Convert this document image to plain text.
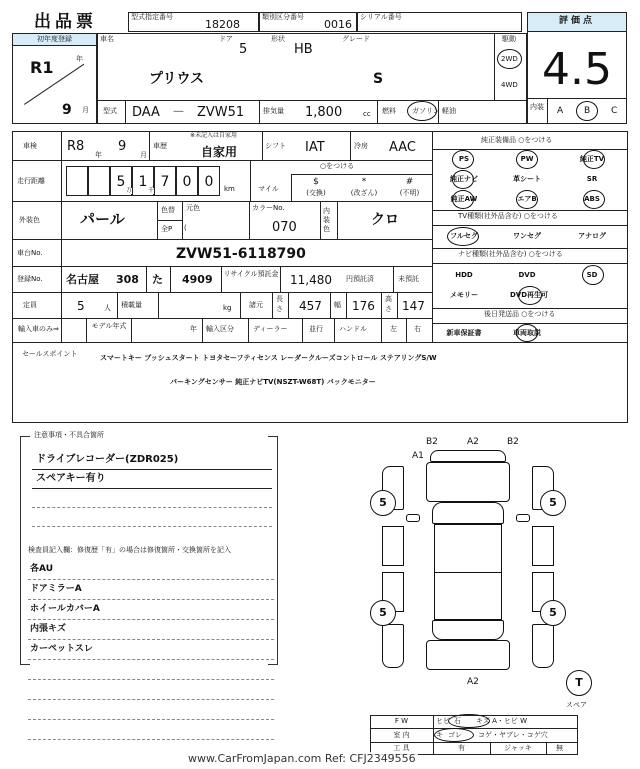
出品票	型式指定番号
18208
類別区分番号
0016
シリアル番号	評価点
4.5
内装 A B C
初年度登録
R1	年
9 月
車名	ドア
5
形状
HB
グレード
プリウス	S
駆動
2WD
4WD
型式 DAA － ZVW51	排気量 1,800	cc 燃料 ガソリン 軽油
車検 R8
年
9
月
車歴
※未記入は自家用
自家用	シフト IAT	冷房 AAC
走行距離	5 1 7 0 0
万	千	km	マイル
○をつける
$
(交換)
*
(改ざん)
#
(不明)
外装色	パール	色替
全P
元色
(
カラーNo.
070
内装色
クロ
車台No.	ZVW51-6118790
登録No. 名古屋 308 た 4909 リサイクル預託金 11,480 円預託済	未預託
定員	5	人 積載量	kg	諸元
長さ 457 幅 176 高さ 147
輸入車のみ⇒	モデル年式	年 輸入区分	ディーラー	並行 ハンドル	左 右
純正装備品 ○をつける
PS	PW	純正TV
純正ナビ	革シート	SR
純正AW	エアB	ABS
TV種類(社外品含む) ○をつける
フルセグ	ワンセグ	アナログ
ナビ種類(社外品含む) ○をつける
HDD	DVD	SD
メモリー	DVD再生可
後日発送品 ○をつける
新車保証書	車両取説
セールスポイント	スマートキー プッシュスタート トヨタセーフティセンス レーダークルーズコントロール ステアリングS/W
パーキングセンサー 純正ナビTV(NSZT-W68T) バックモニター
注意事項・不具合箇所
ドライブレコーダー(ZDR025)
スペアキー有り
検査員記入欄：修復歴「有」の場合は修復箇所・交換箇所を記入
各AU
ドアミラーA
ホイールカバーA
内張キズ
カーペットスレ
B2	A2	B2
A1
A2
5	5
5	5
T
スペア
F W	ヒビ 石 キズ A・ヒビ W
室 内	キ ゴレ コゲ・ヤブレ・コゲ穴
工 具	有	ジャッキ	無
www.CarFromJapan.com Ref: CFJ2349556
